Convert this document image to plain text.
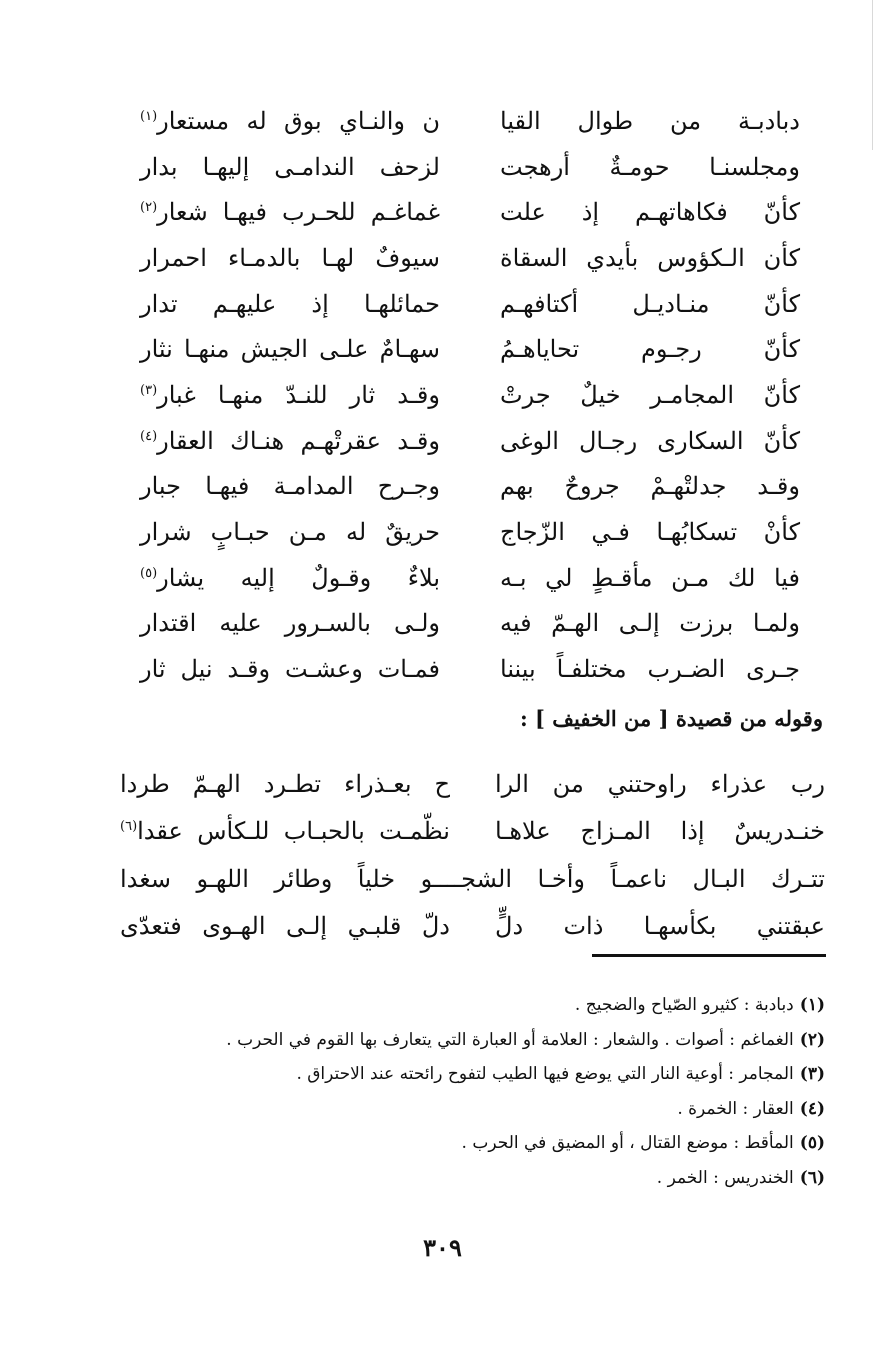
دبادبـة من طوال القيا
ن والنـاي بوق له مستعار$^{(١)}$
ومجلسنـا حومـةٌ أرهجت
لزحف الندامـى إليهـا بدار
كأنّ فكاهاتهـم إذ علت
غماغـم للحـرب فيهـا شعار$^{(٢)}$
كأن الـكؤوس بأيدي السقاة
سيوفٌ لهـا بالدمـاء احمرار
كأنّ منـاديـل أكتافهـم
حمائلهـا إذ عليهـم تدار
كأنّ رجـوم تحاياهـمُ
سهـامٌ علـى الجيش منهـا نثار
كأنّ المجامـر خيلٌ جرتْ
وقـد ثار للنـدّ منهـا غبار$^{(٣)}$
كأنّ السكارى رجـال الوغى
وقـد عقرتْهـم هنـاك العقار$^{(٤)}$
وقـد جدلتْهـمْ جروحٌ بهم
وجـرح المدامـة فيهـا جبار
كأنْ تسكابُهـا فـي الزّجاج
حريقٌ له مـن حبـابٍ شرار
فيا لك مـن مأقـطٍ لي بـه
بلاءٌ وقـولٌ إليه يشار$^{(٥)}$
ولمـا برزت إلـى الهـمّ فيه
ولـى بالسـرور عليه اقتدار
جـرى الضـرب مختلفـاً بيننا
فمـات وعشـت وقـد نيل ثار
وقوله من قصيدة [ من الخفيف ] :
رب عذراء راوحتني من الرا
ح بعـذراء تطـرد الهـمّ طردا
خنـدريسٌ إذا المـزاج علاهـا
نظّمـت بالحبـاب للـكأس عقدا$^{(٦)}$
تتـرك البـال ناعمـاً وأخـا الشجــــو خلياً وطائر اللهـو سغدا
عبقتني بكأسهـا ذات دلٍّ
دلّ قلبـي إلـى الهـوى فتعدّى
(١)
دبادبة : كثيرو الصّياح والضجيج .
(٢)
الغماغم : أصوات . والشعار : العلامة أو العبارة التي يتعارف بها القوم في الحرب .
(٣)
المجامر : أوعية النار التي يوضع فيها الطيب لتفوح رائحته عند الاحتراق .
(٤)
العقار : الخمرة .
(٥)
المأقط : موضع القتال ، أو المضيق في الحرب .
(٦)
الخندريس : الخمر .
٣٠٩
